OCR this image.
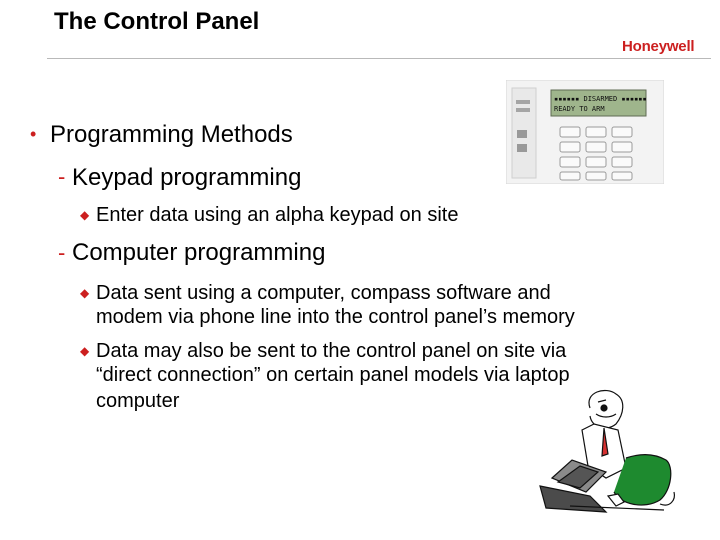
The Control Panel
Honeywell
▪▪▪▪▪▪ DISARMED ▪▪▪▪▪▪
READY TO ARM
• Programming Methods
- Keypad programming
◆ Enter data using an alpha keypad on site
- Computer programming
◆ Data sent using a computer, compass software and
modem via phone line into the control panel’s memory
◆ Data may also be sent to the control panel on site via
“direct connection” on certain panel models via laptop
computer
